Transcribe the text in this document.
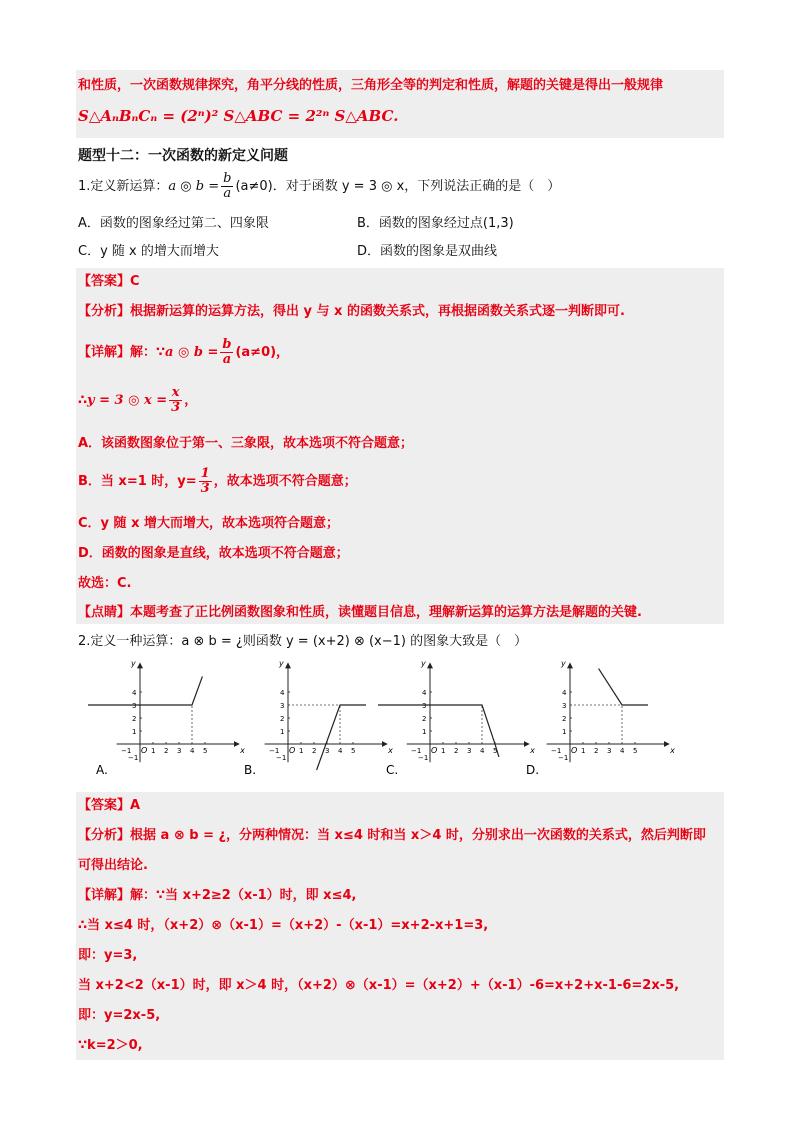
和性质，一次函数规律探究，角平分线的性质，三角形全等的判定和性质，解题的关键是得出一般规律
S△AₙBₙCₙ = (2ⁿ)² S△ABC = 2²ⁿ S△ABC.
题型十二：一次函数的新定义问题
1.定义新运算：a ◎ $b = \frac{b}{a} (a\ne 0)$．对于函数 y = 3 ◎ x，下列说法正确的是（　）
A．函数的图象经过第二、四象限	B．函数的图象经过点(1,3)
C．y 随 x 的增大而增大	D．函数的图象是双曲线
【答案】C
【分析】根据新运算的运算方法，得出 y 与 x 的函数关系式，再根据函数关系式逐一判断即可.
【详解】解：∵a ◎ $b = \frac{b}{a} (a\ne 0)$，
∴y = 3 ◎ $x = \frac{x}{3}$ ，
A．该函数图象位于第一、三象限，故本选项不符合题意；
B．当 x=1 时，$y= \frac{1}{3}$ ，故本选项不符合题意；
C．y 随 x 增大而增大，故本选项符合题意；
D．函数的图象是直线，故本选项不符合题意；
故选：C.
【点睛】本题考查了正比例函数图象和性质，读懂题目信息，理解新运算的运算方法是解题的关键.
2.定义一种运算：a ⊗ b = ¿则函数 y = (x+2) ⊗ (x−1) 的图象大致是（　）
y
x
O 1 2 3 4 5
1
2
3
4
−1
−1
A.
y
x
O 1 2 3 4 5
1
2
3
4
−1
−1
B.
y
x
O 1 2 3 4 5
1
2
3
4
−1
−1
C.
y
x
O 1 2 3 4 5
1
2
3
4
−1
−1
D.
【答案】A
【分析】根据 a ⊗ b = ¿，分两种情况：当 x≤4 时和当 x＞4 时，分别求出一次函数的关系式，然后判断即
可得出结论.
【详解】解：∵当 x+2≥2（x-1）时，即 x≤4,
∴当 x≤4 时，（x+2）⊗（x-1）=（x+2）-（x-1）=x+2-x+1=3,
即：y=3,
当 x+2<2（x-1）时，即 x＞4 时，（x+2）⊗（x-1）=（x+2）+（x-1）-6=x+2+x-1-6=2x-5,
即：y=2x-5,
∵k=2＞0,
